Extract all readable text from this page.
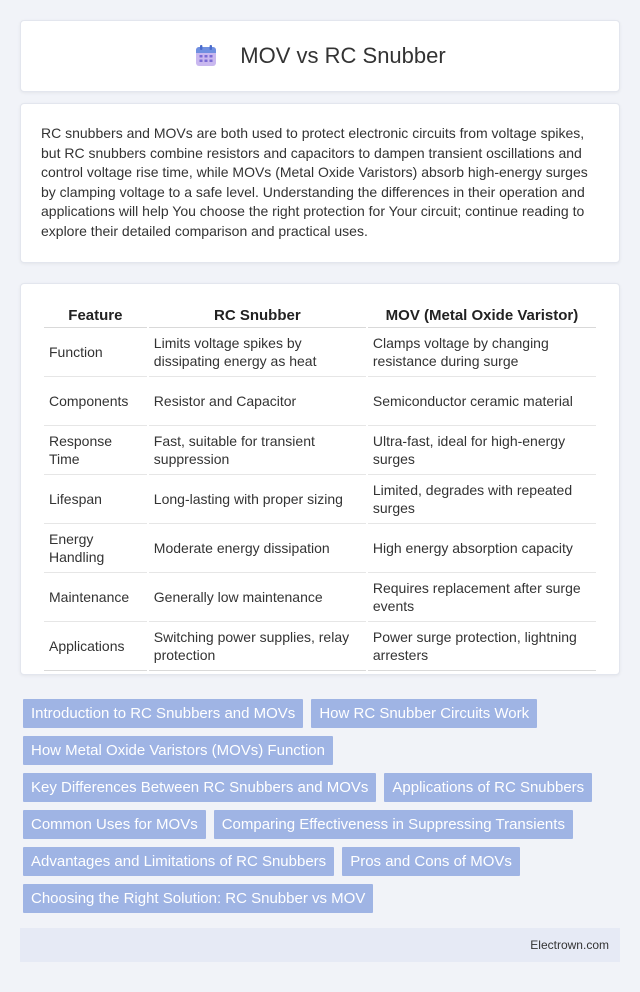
MOV vs RC Snubber

RC snubbers and MOVs are both used to protect electronic circuits from voltage spikes, but RC snubbers combine resistors and capacitors to dampen transient oscillations and control voltage rise time, while MOVs (Metal Oxide Varistors) absorb high-energy surges by clamping voltage to a safe level. Understanding the differences in their operation and applications will help You choose the right protection for Your circuit; continue reading to explore their detailed comparison and practical uses.

Feature	RC Snubber	MOV (Metal Oxide Varistor)
Function	Limits voltage spikes by dissipating energy as heat	Clamps voltage by changing resistance during surge
Components	Resistor and Capacitor	Semiconductor ceramic material
Response Time	Fast, suitable for transient suppression	Ultra-fast, ideal for high-energy surges
Lifespan	Long-lasting with proper sizing	Limited, degrades with repeated surges
Energy Handling	Moderate energy dissipation	High energy absorption capacity
Maintenance	Generally low maintenance	Requires replacement after surge events
Applications	Switching power supplies, relay protection	Power surge protection, lightning arresters
Introduction to RC Snubbers and MOVs	How RC Snubber Circuits Work
How Metal Oxide Varistors (MOVs) Function
Key Differences Between RC Snubbers and MOVs	Applications of RC Snubbers
Common Uses for MOVs	Comparing Effectiveness in Suppressing Transients
Advantages and Limitations of RC Snubbers	Pros and Cons of MOVs
Choosing the Right Solution: RC Snubber vs MOV
Electrown.com
